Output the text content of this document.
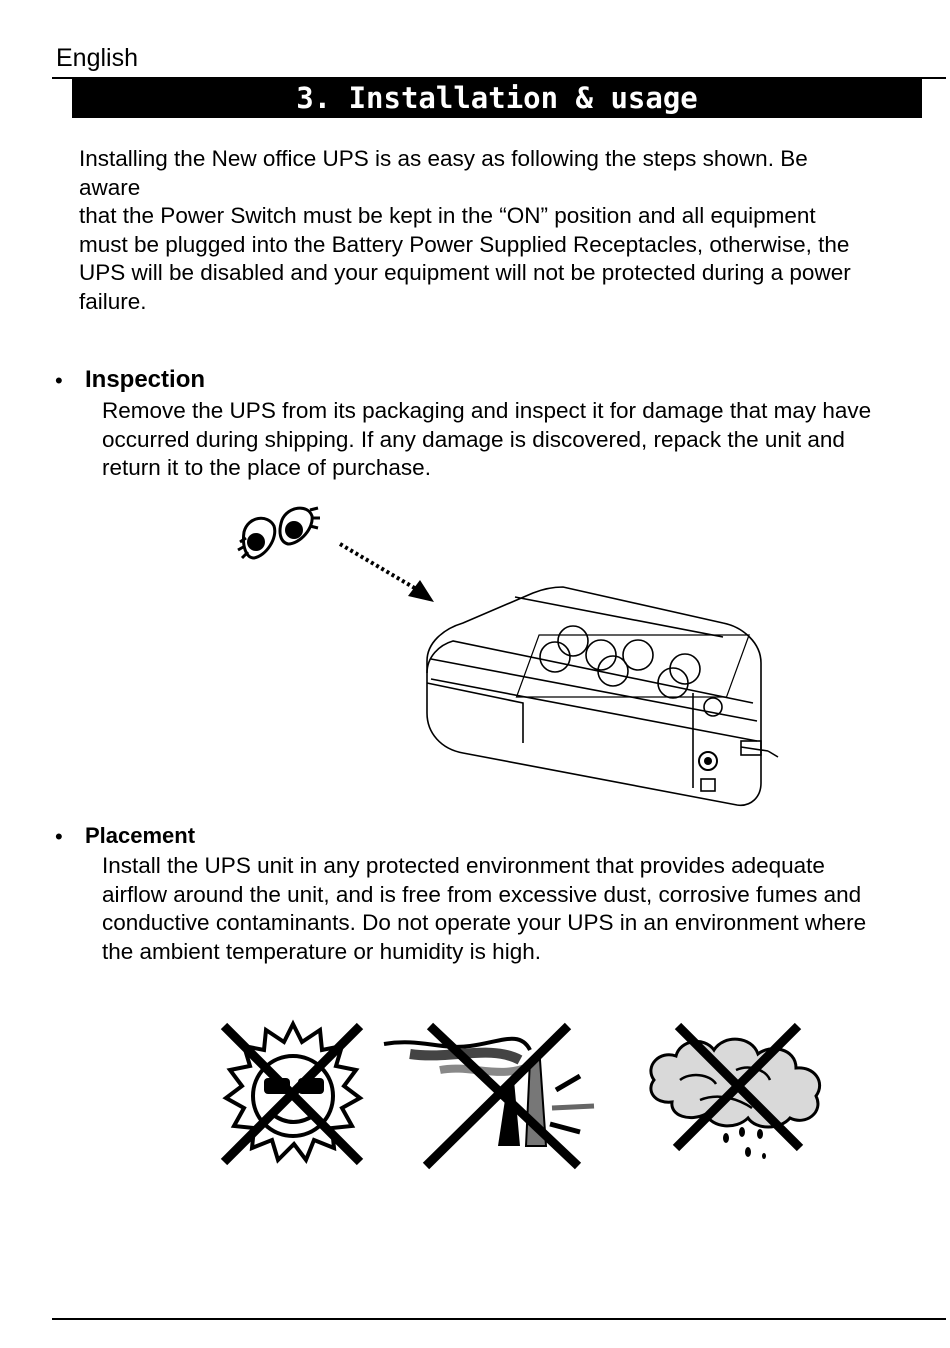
English
3. Installation & usage
Installing the New office UPS is as easy as following the steps shown. Be
aware
that the Power Switch must be kept in the “ON” position and all equipment
must be plugged into the Battery Power Supplied Receptacles, otherwise, the
UPS will be disabled and your equipment will not be protected during a power
failure.
• Inspection
Remove the UPS from its packaging and inspect it for damage that may have
occurred during shipping. If any damage is discovered, repack the unit and
return it to the place of purchase.
• Placement
Install the UPS unit in any protected environment that provides adequate
airflow around the unit, and is free from excessive dust, corrosive fumes and
conductive contaminants. Do not operate your UPS in an environment where
the ambient temperature or humidity is high.
